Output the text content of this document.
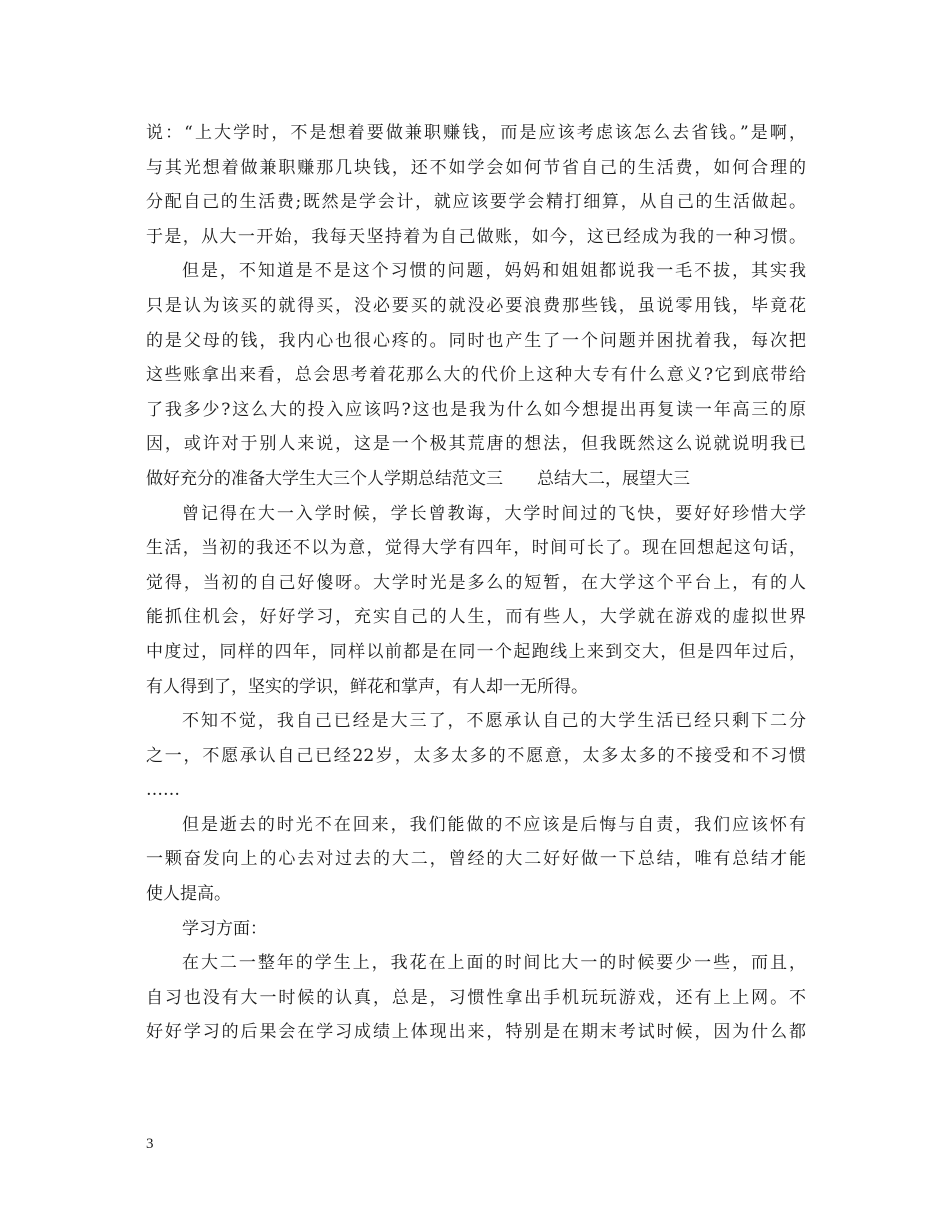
说：“上大学时，不是想着要做兼职赚钱，而是应该考虑该怎么去省钱。”是啊，
与其光想着做兼职赚那几块钱，还不如学会如何节省自己的生活费，如何合理的
分配自己的生活费;既然是学会计，就应该要学会精打细算，从自己的生活做起。
于是，从大一开始，我每天坚持着为自己做账，如今，这已经成为我的一种习惯。
但是，不知道是不是这个习惯的问题，妈妈和姐姐都说我一毛不拔，其实我
只是认为该买的就得买，没必要买的就没必要浪费那些钱，虽说零用钱，毕竟花
的是父母的钱，我内心也很心疼的。同时也产生了一个问题并困扰着我，每次把
这些账拿出来看，总会思考着花那么大的代价上这种大专有什么意义?它到底带给
了我多少?这么大的投入应该吗?这也是我为什么如今想提出再复读一年高三的原
因，或许对于别人来说，这是一个极其荒唐的想法，但我既然这么说就说明我已
做好充分的准备大学生大三个人学期总结范文三　　总结大二，展望大三
曾记得在大一入学时候，学长曾教诲，大学时间过的飞快，要好好珍惜大学
生活，当初的我还不以为意，觉得大学有四年，时间可长了。现在回想起这句话，
觉得，当初的自己好傻呀。大学时光是多么的短暂，在大学这个平台上，有的人
能抓住机会，好好学习，充实自己的人生，而有些人，大学就在游戏的虚拟世界
中度过，同样的四年，同样以前都是在同一个起跑线上来到交大，但是四年过后，
有人得到了，坚实的学识，鲜花和掌声，有人却一无所得。
不知不觉，我自己已经是大三了，不愿承认自己的大学生活已经只剩下二分
之一，不愿承认自己已经22岁，太多太多的不愿意，太多太多的不接受和不习惯
……
但是逝去的时光不在回来，我们能做的不应该是后悔与自责，我们应该怀有
一颗奋发向上的心去对过去的大二，曾经的大二好好做一下总结，唯有总结才能
使人提高。
学习方面：
在大二一整年的学生上，我花在上面的时间比大一的时候要少一些，而且，
自习也没有大一时候的认真，总是，习惯性拿出手机玩玩游戏，还有上上网。不
好好学习的后果会在学习成绩上体现出来，特别是在期末考试时候，因为什么都
3
